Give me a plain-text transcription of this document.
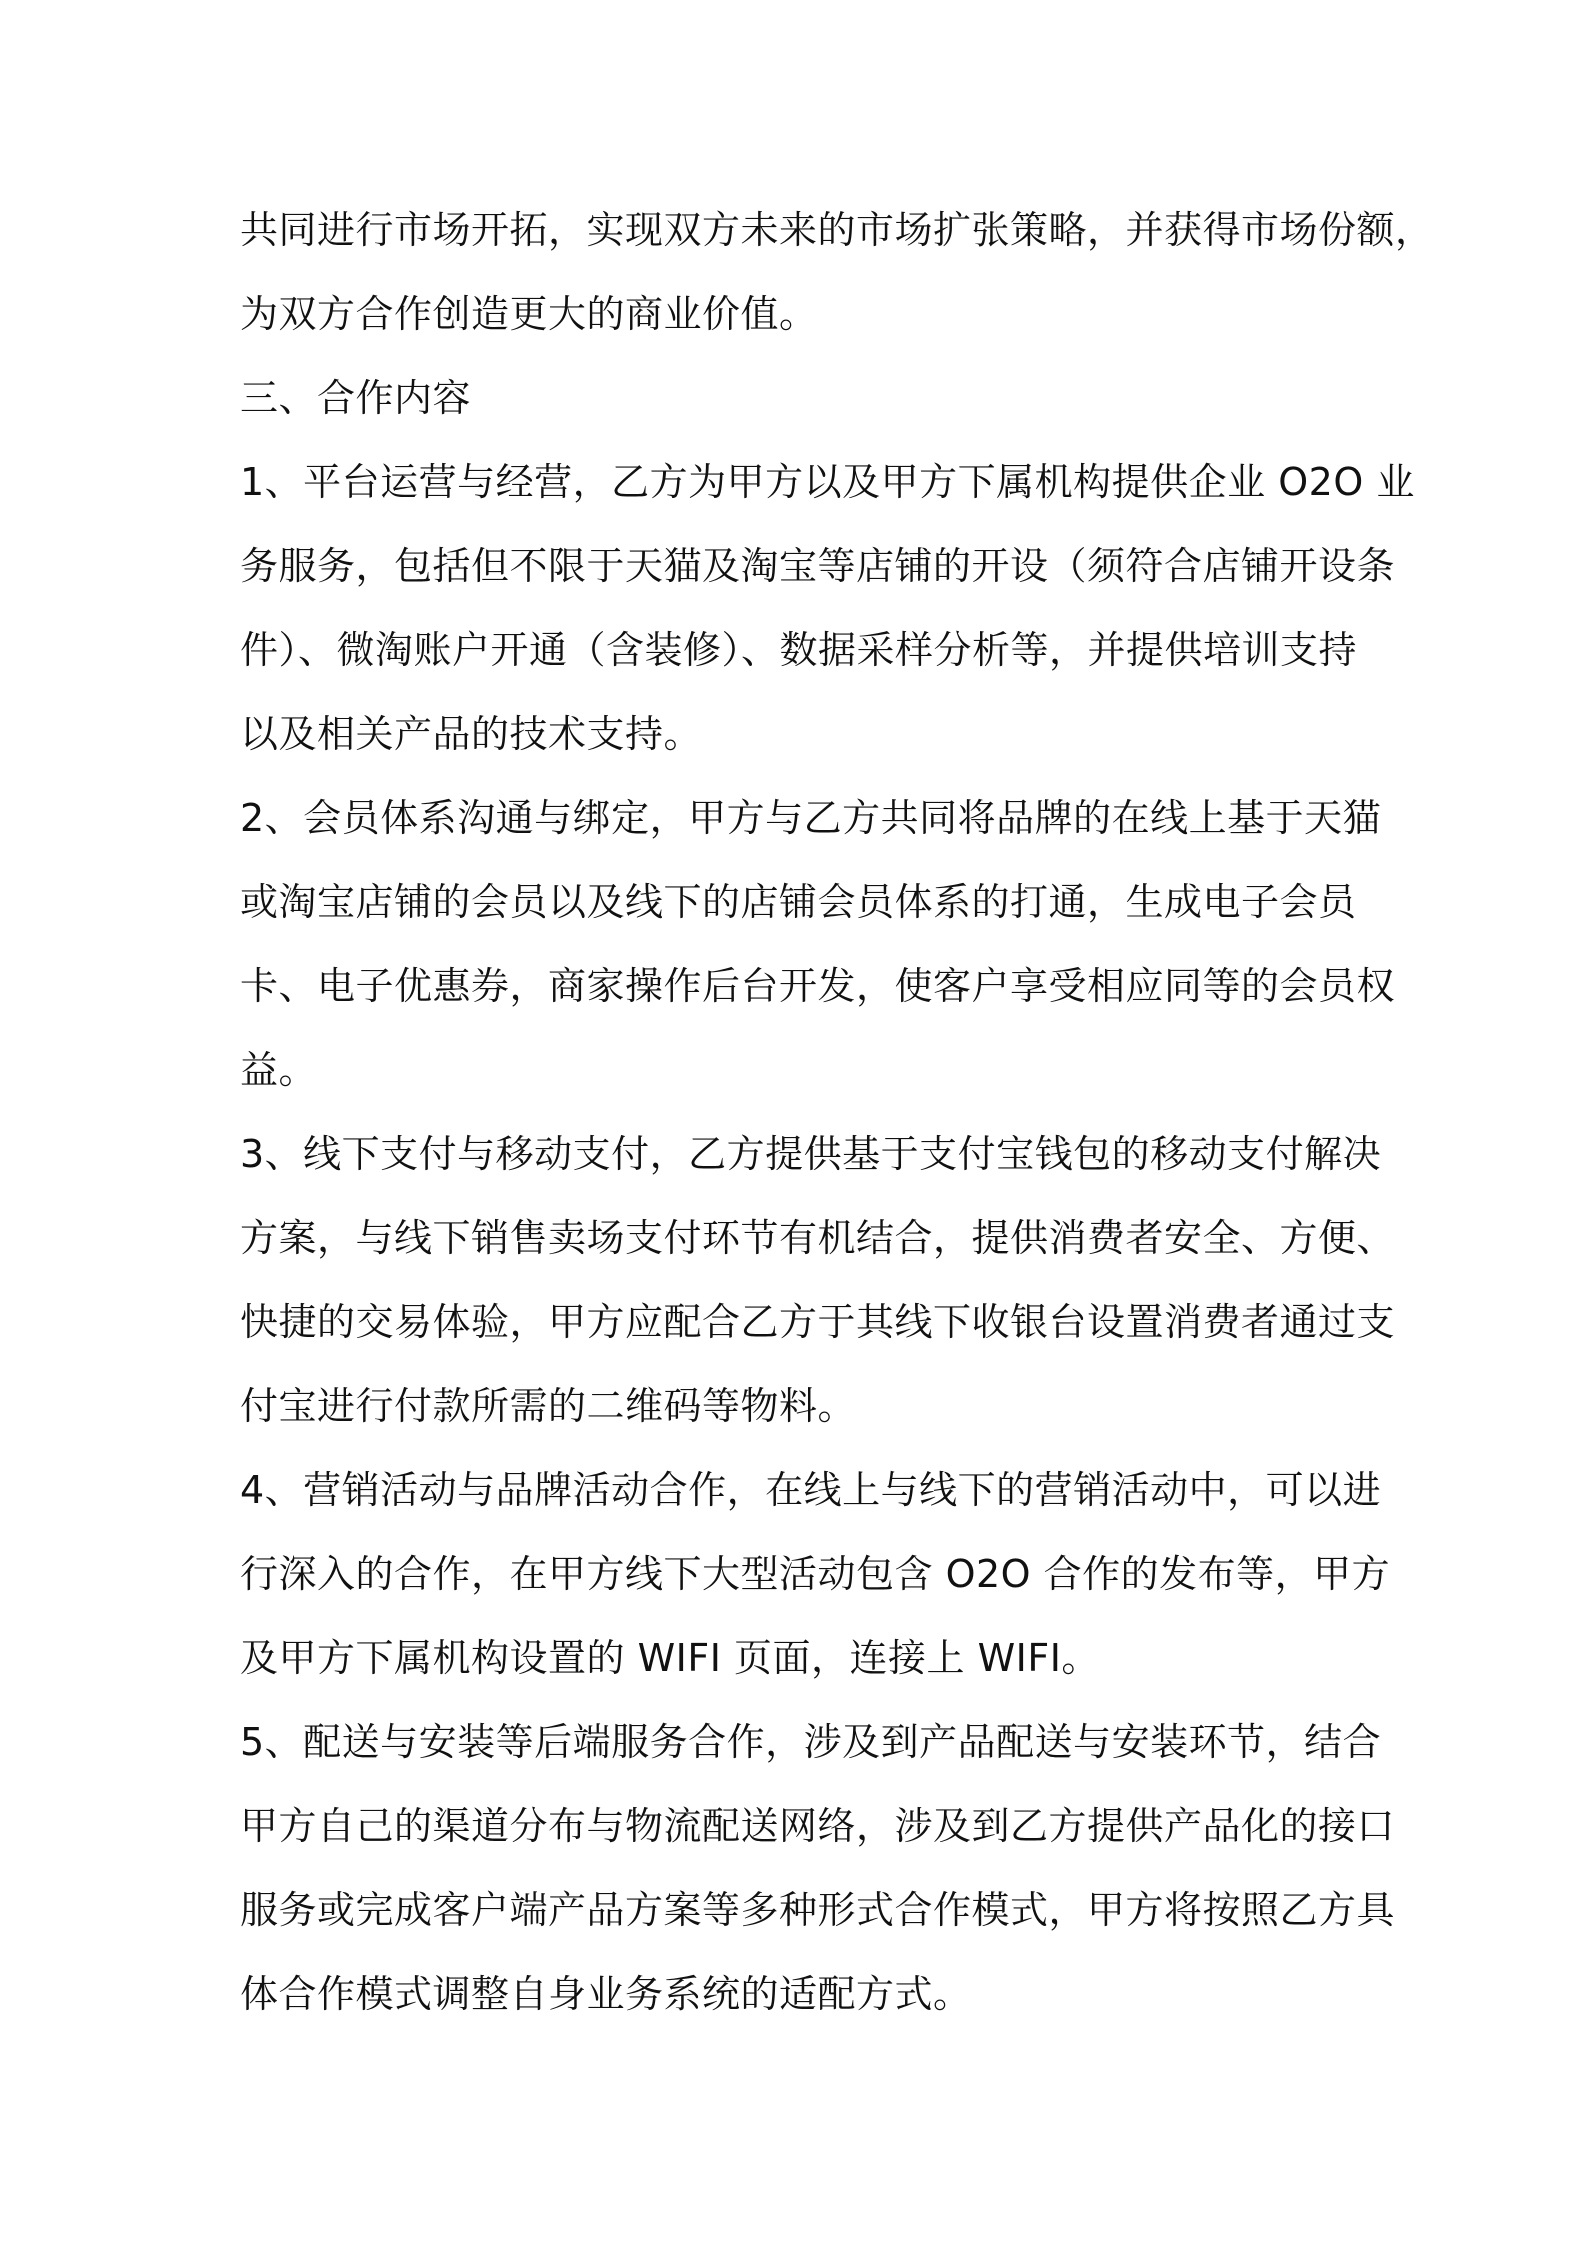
共同进行市场开拓，实现双方未来的市场扩张策略，并获得市场份额，
为双方合作创造更大的商业价值。
三、合作内容
1、平台运营与经营，乙方为甲方以及甲方下属机构提供企业 O2O 业
务服务，包括但不限于天猫及淘宝等店铺的开设（须符合店铺开设条
件）、微淘账户开通（含装修）、数据采样分析等，并提供培训支持
以及相关产品的技术支持。
2、会员体系沟通与绑定，甲方与乙方共同将品牌的在线上基于天猫
或淘宝店铺的会员以及线下的店铺会员体系的打通，生成电子会员
卡、电子优惠券，商家操作后台开发，使客户享受相应同等的会员权
益。
3、线下支付与移动支付，乙方提供基于支付宝钱包的移动支付解决
方案，与线下销售卖场支付环节有机结合，提供消费者安全、方便、
快捷的交易体验，甲方应配合乙方于其线下收银台设置消费者通过支
付宝进行付款所需的二维码等物料。
4、营销活动与品牌活动合作，在线上与线下的营销活动中，可以进
行深入的合作，在甲方线下大型活动包含 O2O 合作的发布等，甲方
及甲方下属机构设置的 WIFI 页面，连接上 WIFI。
5、配送与安装等后端服务合作，涉及到产品配送与安装环节，结合
甲方自己的渠道分布与物流配送网络，涉及到乙方提供产品化的接口
服务或完成客户端产品方案等多种形式合作模式，甲方将按照乙方具
体合作模式调整自身业务系统的适配方式。
